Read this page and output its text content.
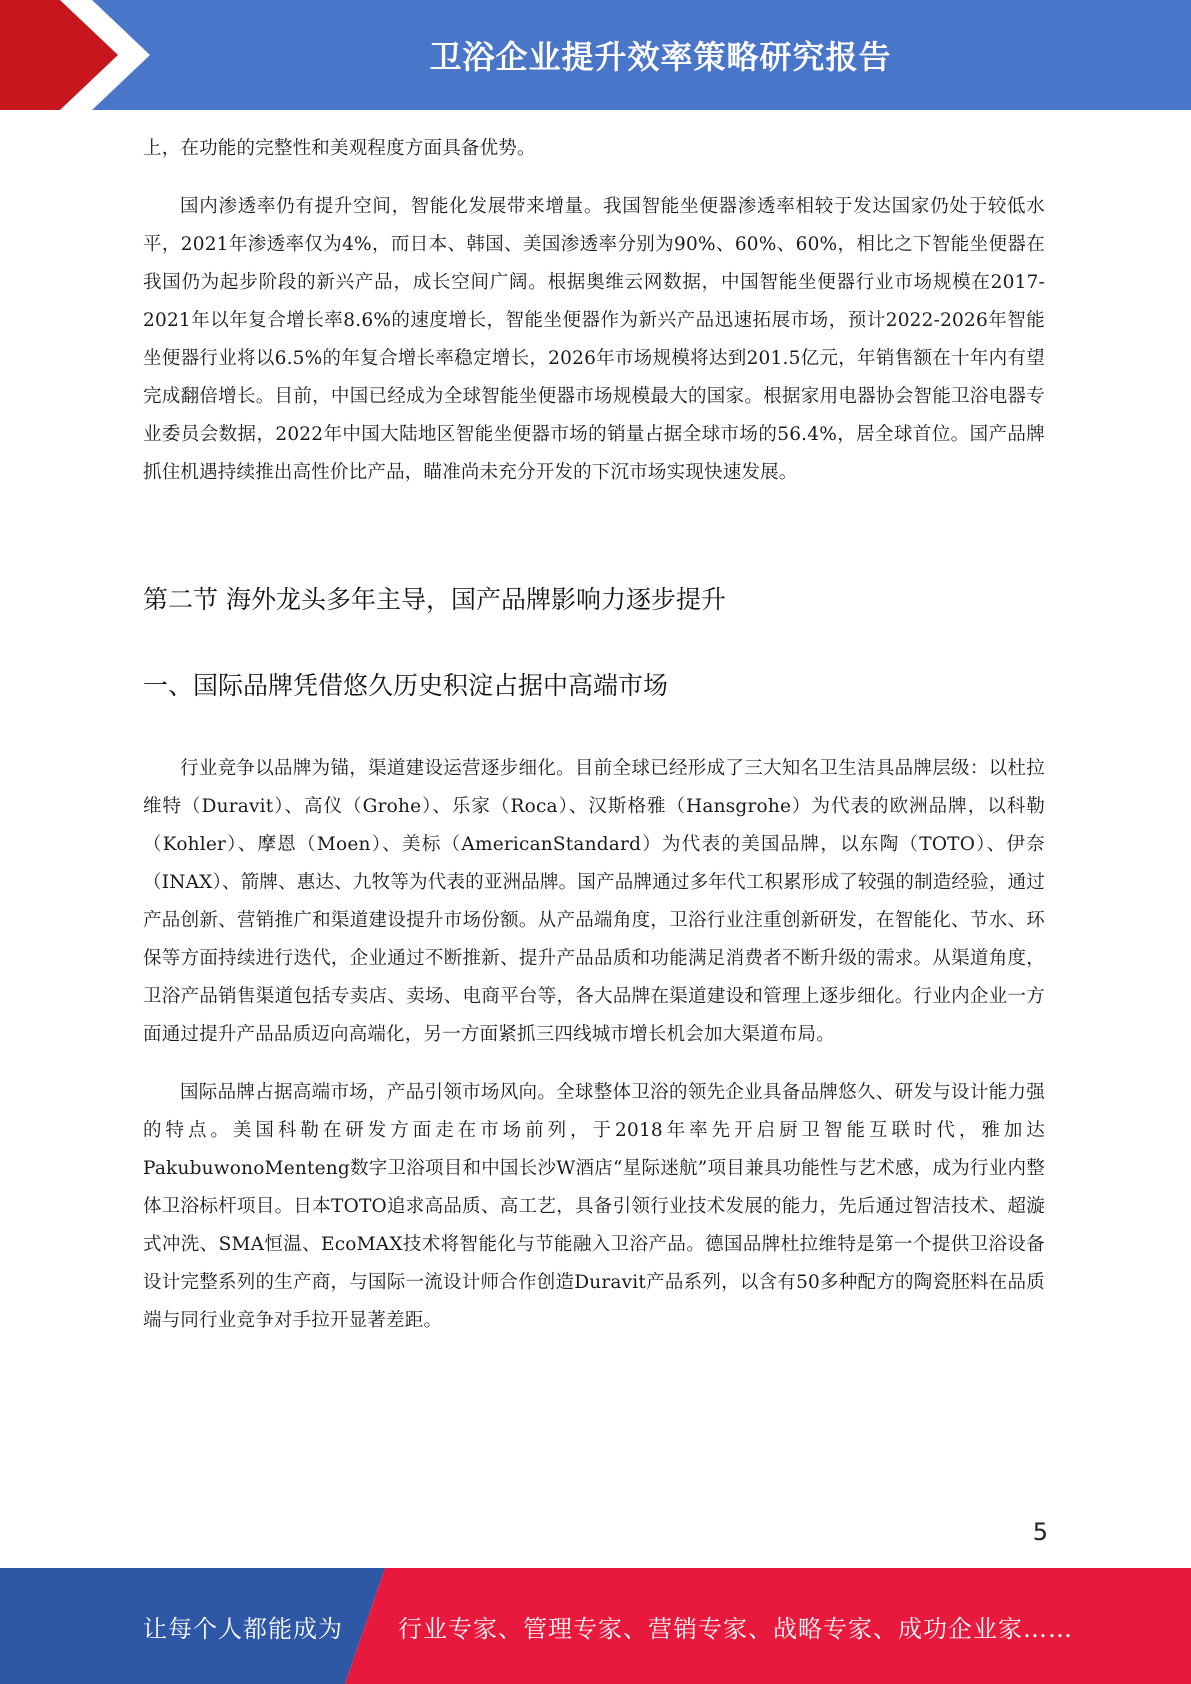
卫浴企业提升效率策略研究报告

上，在功能的完整性和美观程度方面具备优势。

国内渗透率仍有提升空间，智能化发展带来增量。我国智能坐便器渗透率相较于发达国家仍处于较低水平，2021年渗透率仅为4%，而日本、韩国、美国渗透率分别为90%、60%、60%，相比之下智能坐便器在我国仍为起步阶段的新兴产品，成长空间广阔。根据奥维云网数据，中国智能坐便器行业市场规模在2017-2021年以年复合增长率8.6%的速度增长，智能坐便器作为新兴产品迅速拓展市场，预计2022-2026年智能坐便器行业将以6.5%的年复合增长率稳定增长，2026年市场规模将达到201.5亿元，年销售额在十年内有望完成翻倍增长。目前，中国已经成为全球智能坐便器市场规模最大的国家。根据家用电器协会智能卫浴电器专业委员会数据，2022年中国大陆地区智能坐便器市场的销量占据全球市场的56.4%，居全球首位。国产品牌抓住机遇持续推出高性价比产品，瞄准尚未充分开发的下沉市场实现快速发展。

第二节 海外龙头多年主导，国产品牌影响力逐步提升
一、国际品牌凭借悠久历史积淀占据中高端市场

行业竞争以品牌为锚，渠道建设运营逐步细化。目前全球已经形成了三大知名卫生洁具品牌层级：以杜拉维特（Duravit）、高仪（Grohe）、乐家（Roca）、汉斯格雅（Hansgrohe）为代表的欧洲品牌，以科勒（Kohler）、摩恩（Moen）、美标（AmericanStandard）为代表的美国品牌，以东陶（TOTO）、伊奈（INAX）、箭牌、惠达、九牧等为代表的亚洲品牌。国产品牌通过多年代工积累形成了较强的制造经验，通过产品创新、营销推广和渠道建设提升市场份额。从产品端角度，卫浴行业注重创新研发，在智能化、节水、环保等方面持续进行迭代，企业通过不断推新、提升产品品质和功能满足消费者不断升级的需求。从渠道角度，卫浴产品销售渠道包括专卖店、卖场、电商平台等，各大品牌在渠道建设和管理上逐步细化。行业内企业一方面通过提升产品品质迈向高端化，另一方面紧抓三四线城市增长机会加大渠道布局。

国际品牌占据高端市场，产品引领市场风向。全球整体卫浴的领先企业具备品牌悠久、研发与设计能力强的特点。美国科勒在研发方面走在市场前列，于2018年率先开启厨卫智能互联时代，雅加达PakubuwonoMenteng数字卫浴项目和中国长沙W酒店“星际迷航”项目兼具功能性与艺术感，成为行业内整体卫浴标杆项目。日本TOTO追求高品质、高工艺，具备引领行业技术发展的能力，先后通过智洁技术、超漩式冲洗、SMA恒温、EcoMAX技术将智能化与节能融入卫浴产品。德国品牌杜拉维特是第一个提供卫浴设备设计完整系列的生产商，与国际一流设计师合作创造Duravit产品系列，以含有50多种配方的陶瓷胚料在品质端与同行业竞争对手拉开显著差距。

5
让每个人都能成为 行业专家、管理专家、营销专家、战略专家、成功企业家……
